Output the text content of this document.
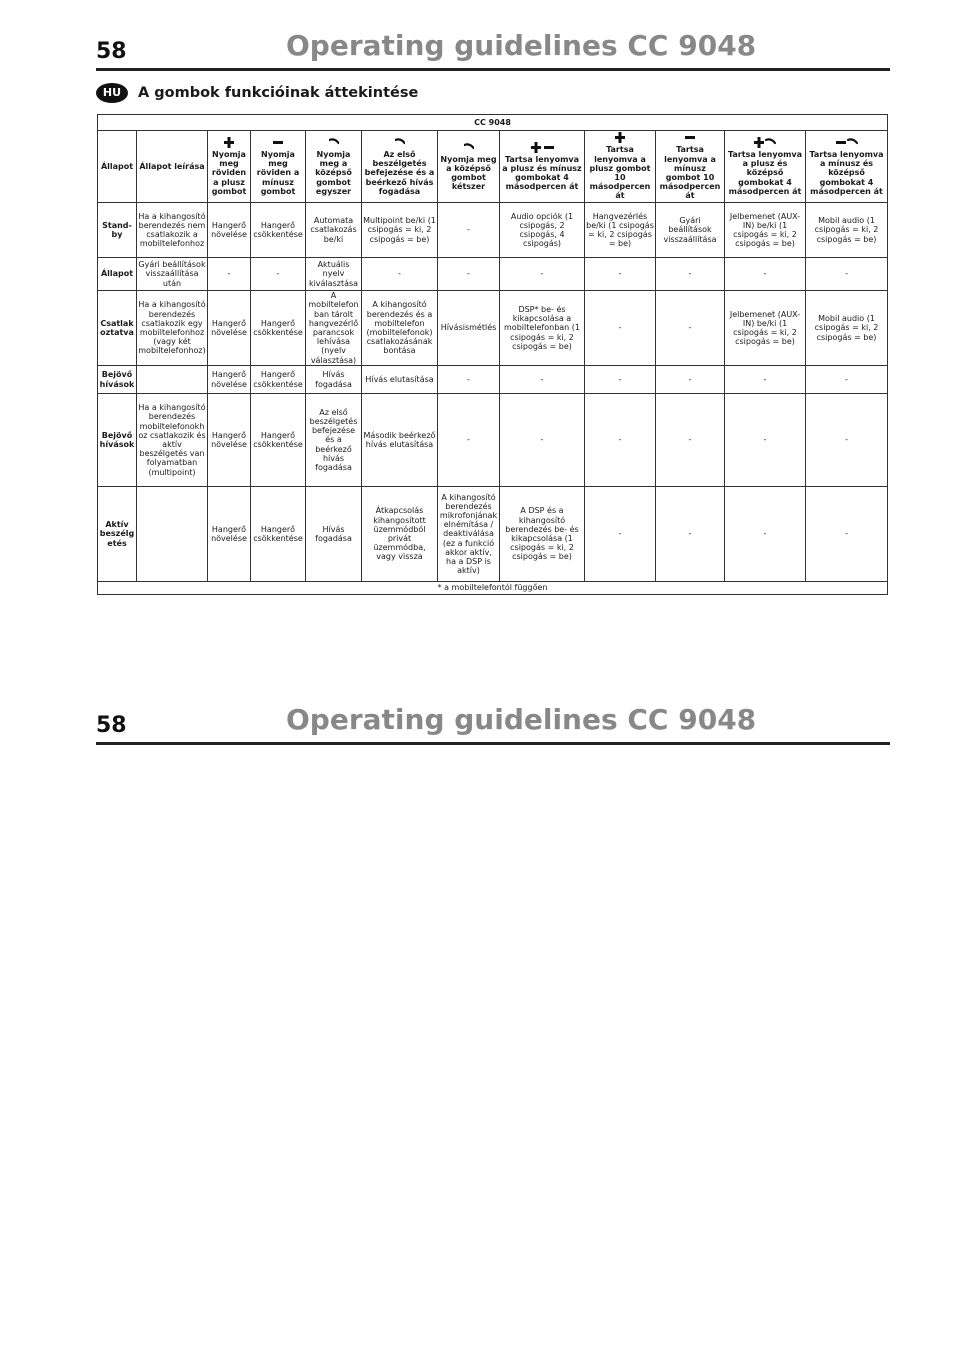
58	Operating guidelines CC 9048
HU	A gombok funkcióinak áttekintése
CC 9048											
Állapot	Állapot leírása	Nyomja meg röviden a plusz gombot	Nyomja meg röviden a mínusz gombot	Nyomja meg a középső gombot egyszer	Az első beszélgetés befejezése és a beérkező hívás fogadása	Nyomja meg a középső gombot kétszer	Tartsa lenyomva a plusz és mínusz gombokat 4 másodpercen át	Tartsa lenyomva a plusz gombot 10 másodpercen át	Tartsa lenyomva a mínusz gombot 10 másodpercen át	Tartsa lenyomva a plusz és középső gombokat 4 másodpercen át	Tartsa lenyomva a mínusz és középső gombokat 4 másodpercen át
Stand-by	Ha a kihangosító berendezés nem csatlakozik a mobiltelefonhoz	Hangerő növelése	Hangerő csökkentése	Automata csatlakozás be/ki	Multipoint be/ki (1 csipogás = ki, 2 csipogás = be)	-	Audio opciók (1 csipogás, 2 csipogás, 4 csipogás)	Hangvezérlés be/ki (1 csipogás = ki, 2 csipogás = be)	Gyári beállítások visszaállítása	Jelbemenet (AUX-IN) be/ki (1 csipogás = ki, 2 csipogás = be)	Mobil audio (1 csipogás = ki, 2 csipogás = be)
Állapot	Gyári beállítások visszaállítása után	-	-	Aktuális nyelv kiválasztása	-	-	-	-	-	-	-
Csatlakoztatva	Ha a kihangosító berendezés csatlakozik egy mobiltelefonhoz (vagy két mobiltelefonhoz)	Hangerő növelése	Hangerő csökkentése	A mobiltelefonban tárolt hangvezérlő parancsok lehívása (nyelv választása)	A kihangosító berendezés és a mobiltelefon (mobiltelefonok) csatlakozásának bontása	Hívásismétlés	DSP* be- és kikapcsolása a mobiltelefonban (1 csipogás = ki, 2 csipogás = be)	-	-	Jelbemenet (AUX-IN) be/ki (1 csipogás = ki, 2 csipogás = be)	Mobil audio (1 csipogás = ki, 2 csipogás = be)
Bejövő hívások		Hangerő növelése	Hangerő csökkentése	Hívás fogadása	Hívás elutasítása	-	-	-	-	-	-
Bejövő hívások	Ha a kihangosító berendezés mobiltelefonokhoz csatlakozik és aktív beszélgetés van folyamatban (multipoint)	Hangerő növelése	Hangerő csökkentése	Az első beszélgetés befejezése és a beérkező hívás fogadása	Második beérkező hívás elutasítása	-	-	-	-	-	-
Aktív beszélgetés		Hangerő növelése	Hangerő csökkentése	Hívás fogadása	Átkapcsolás kihangosított üzemmódból privát üzemmódba, vagy vissza	A kihangosító berendezés mikrofonjának elnémítása / deaktiválása (ez a funkció akkor aktív, ha a DSP is aktív)	A DSP és a kihangosító berendezés be- és kikapcsolása (1 csipogás = ki, 2 csipogás = be)	-	-	-	-
* a mobiltelefontól függően											
58	Operating guidelines CC 9048
